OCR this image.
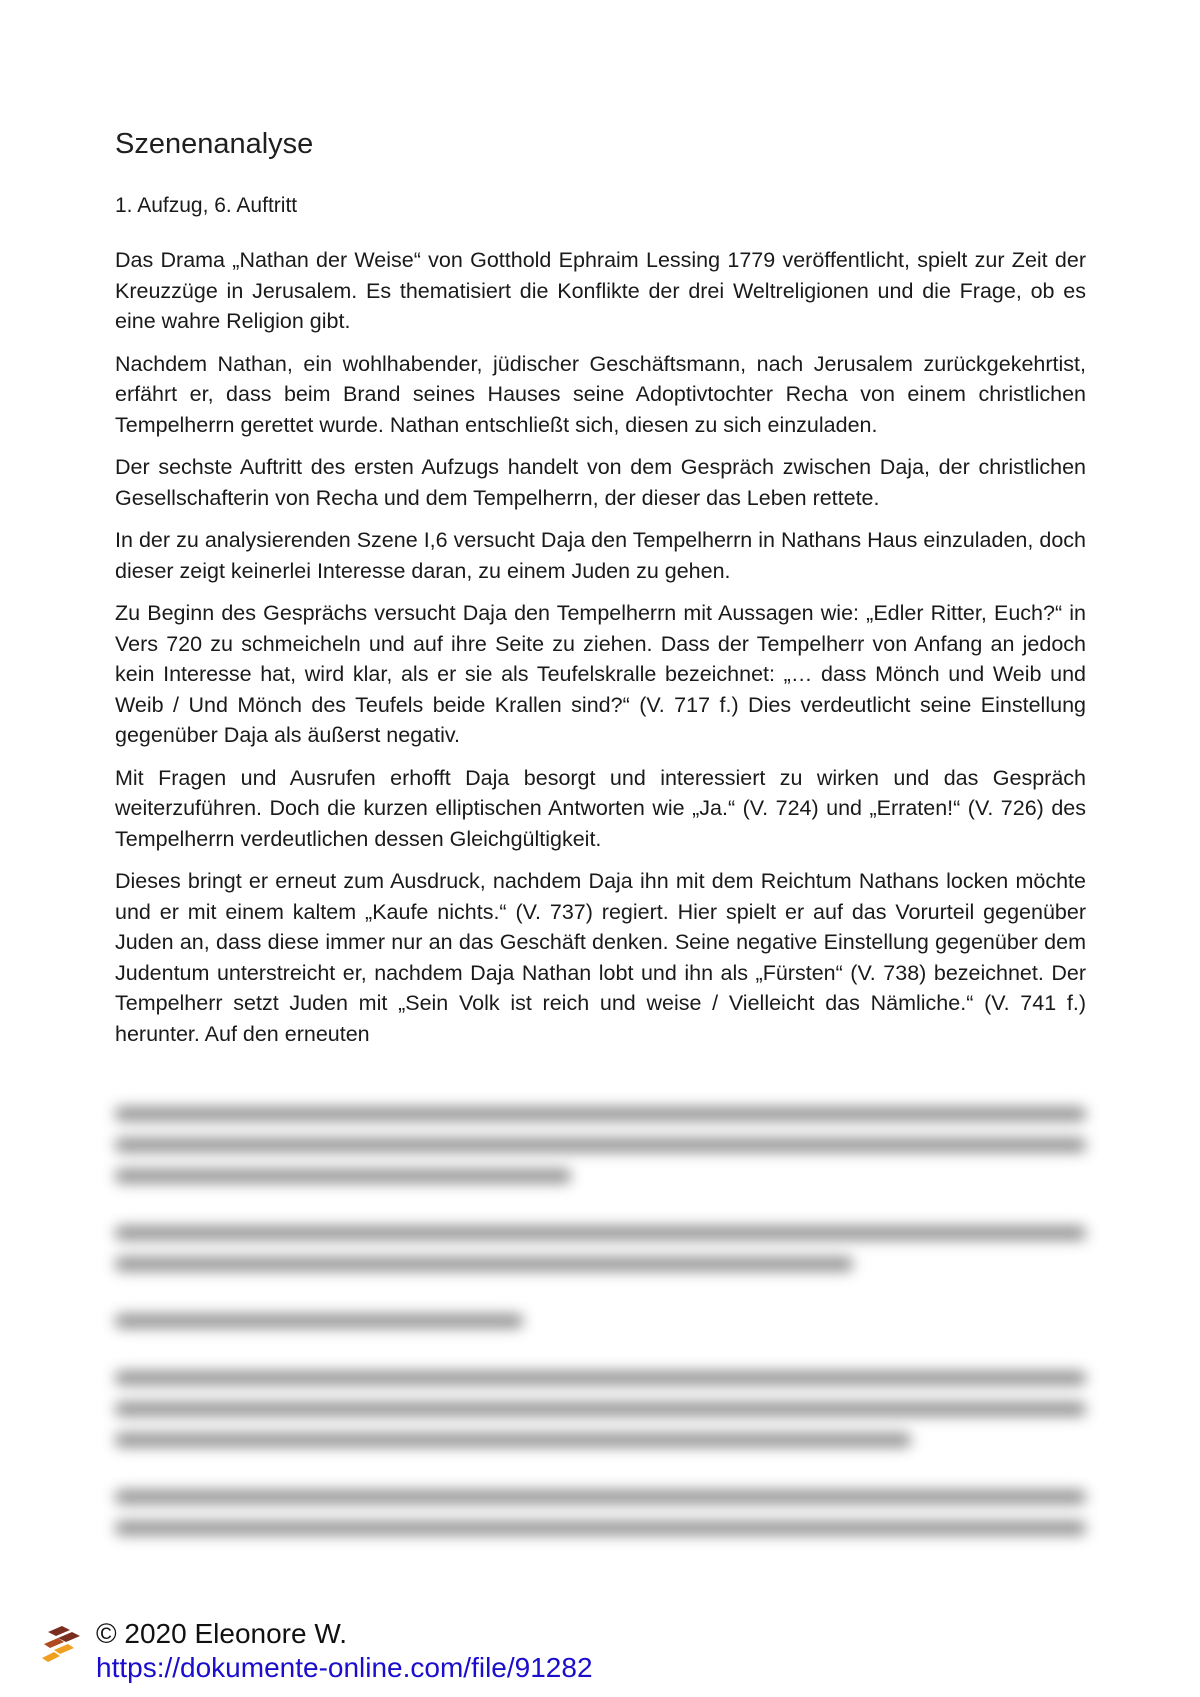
Szenenanalyse

1. Aufzug, 6. Auftritt

Das Drama „Nathan der Weise“ von Gotthold Ephraim Lessing 1779 veröffentlicht, spielt zur Zeit der Kreuzzüge in Jerusalem. Es thematisiert die Konflikte der drei Weltreligionen und die Frage, ob es eine wahre Religion gibt.

Nachdem Nathan, ein wohlhabender, jüdischer Geschäftsmann, nach Jerusalem zurückgekehrtist, erfährt er, dass beim Brand seines Hauses seine Adoptivtochter Recha von einem christlichen Tempelherrn gerettet wurde. Nathan entschließt sich, diesen zu sich einzuladen.

Der sechste Auftritt des ersten Aufzugs handelt von dem Gespräch zwischen Daja, der christlichen Gesellschafterin von Recha und dem Tempelherrn, der dieser das Leben rettete.

In der zu analysierenden Szene I,6 versucht Daja den Tempelherrn in Nathans Haus einzuladen, doch dieser zeigt keinerlei Interesse daran, zu einem Juden zu gehen.

Zu Beginn des Gesprächs versucht Daja den Tempelherrn mit Aussagen wie: „Edler Ritter, Euch?“ in Vers 720 zu schmeicheln und auf ihre Seite zu ziehen. Dass der Tempelherr von Anfang an jedoch kein Interesse hat, wird klar, als er sie als Teufelskralle bezeichnet: „… dass Mönch und Weib und Weib / Und Mönch des Teufels beide Krallen sind?“ (V. 717 f.) Dies verdeutlicht seine Einstellung gegenüber Daja als äußerst negativ.

Mit Fragen und Ausrufen erhofft Daja besorgt und interessiert zu wirken und das Gespräch weiterzuführen. Doch die kurzen elliptischen Antworten wie „Ja.“ (V. 724) und „Erraten!“ (V. 726) des Tempelherrn verdeutlichen dessen Gleichgültigkeit.

Dieses bringt er erneut zum Ausdruck, nachdem Daja ihn mit dem Reichtum Nathans locken möchte und er mit einem kaltem „Kaufe nichts.“ (V. 737) regiert. Hier spielt er auf das Vorurteil gegenüber Juden an, dass diese immer nur an das Geschäft denken. Seine negative Einstellung gegenüber dem Judentum unterstreicht er, nachdem Daja Nathan lobt und ihn als „Fürsten“ (V. 738) bezeichnet. Der Tempelherr setzt Juden mit „Sein Volk ist reich und weise / Vielleicht das Nämliche.“ (V. 741 f.) herunter. Auf den erneuten

© 2020 Eleonore W.
https://dokumente-online.com/file/91282
